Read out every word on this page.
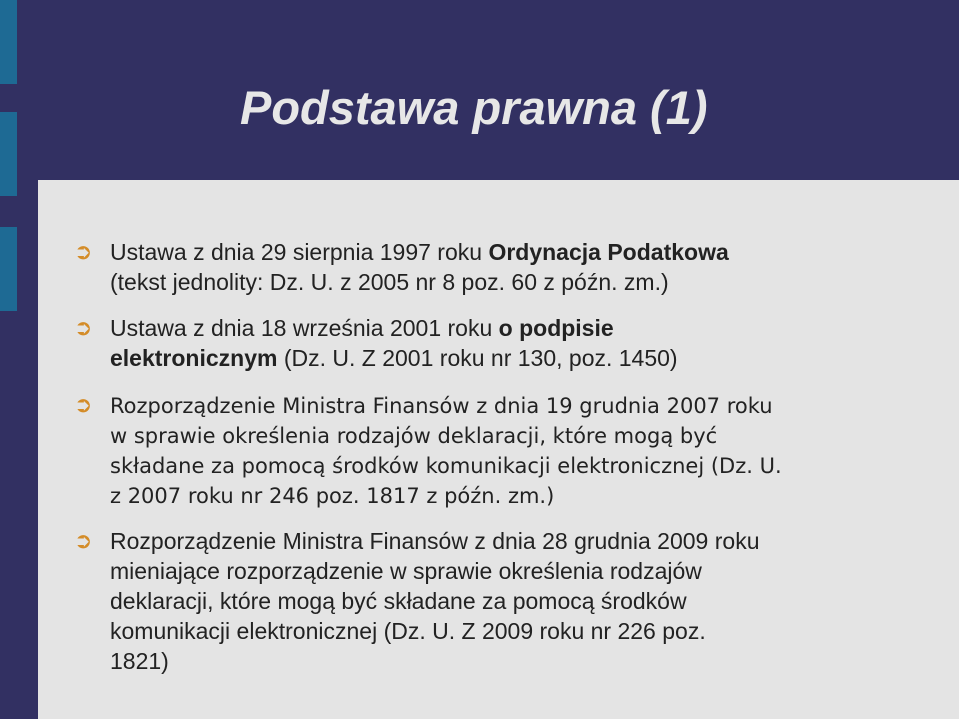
Podstawa prawna (1)
➲ Ustawa z dnia 29 sierpnia 1997 roku Ordynacja Podatkowa
(tekst jednolity: Dz. U. z 2005 nr 8 poz. 60 z późn. zm.)
➲ Ustawa z dnia 18 września 2001 roku o podpisie
elektronicznym (Dz. U. Z 2001 roku nr 130, poz. 1450)
➲ Rozporządzenie Ministra Finansów z dnia 19 grudnia 2007 roku
w sprawie określenia rodzajów deklaracji, które mogą być
składane za pomocą środków komunikacji elektronicznej (Dz. U.
z 2007 roku nr 246 poz. 1817 z późn. zm.)
➲ Rozporządzenie Ministra Finansów z dnia 28 grudnia 2009 roku
mieniające rozporządzenie w sprawie określenia rodzajów
deklaracji, które mogą być składane za pomocą środków
komunikacji elektronicznej (Dz. U. Z 2009 roku nr 226 poz.
1821)
